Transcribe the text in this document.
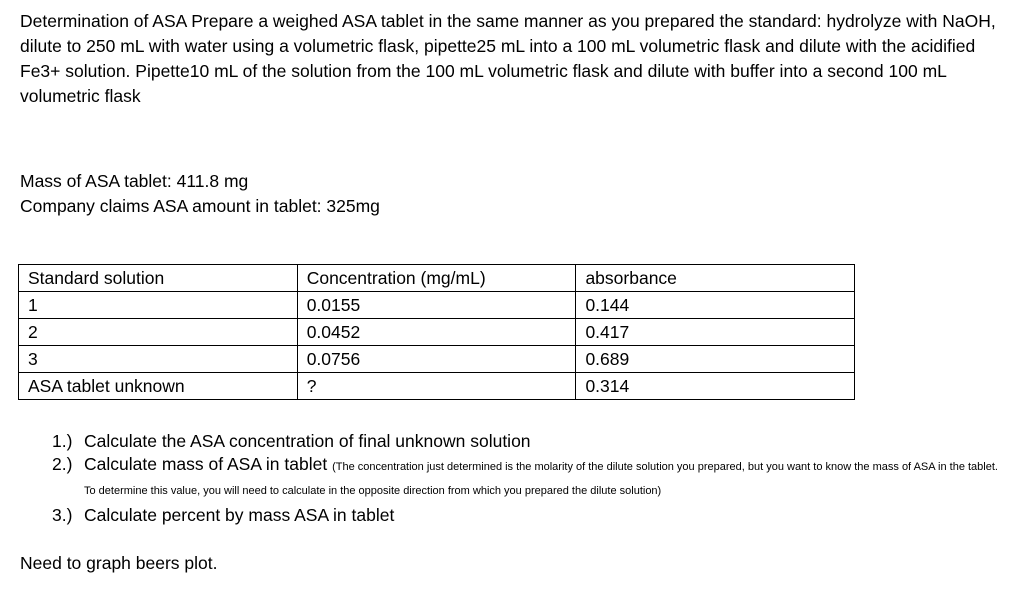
Determination of ASA Prepare a weighed ASA tablet in the same manner as you prepared the standard: hydrolyze with NaOH, dilute to 250 mL with water using a volumetric flask, pipette25 mL into a 100 mL volumetric flask and dilute with the acidified Fe3+ solution. Pipette10 mL of the solution from the 100 mL volumetric flask and dilute with buffer into a second 100 mL volumetric flask

Mass of ASA tablet: 411.8 mg

Company claims ASA amount in tablet: 325mg

Standard solution	Concentration (mg/mL)	absorbance
1	0.0155	0.144
2	0.0452	0.417
3	0.0756	0.689
ASA tablet unknown	?	0.314
1.) Calculate the ASA concentration of final unknown solution
2.) Calculate mass of ASA in tablet (The concentration just determined is the molarity of the dilute solution you prepared, but you want to know the mass of ASA in the tablet. To determine this value, you will need to calculate in the opposite direction from which you prepared the dilute solution)
3.) Calculate percent by mass ASA in tablet

Need to graph beers plot.
